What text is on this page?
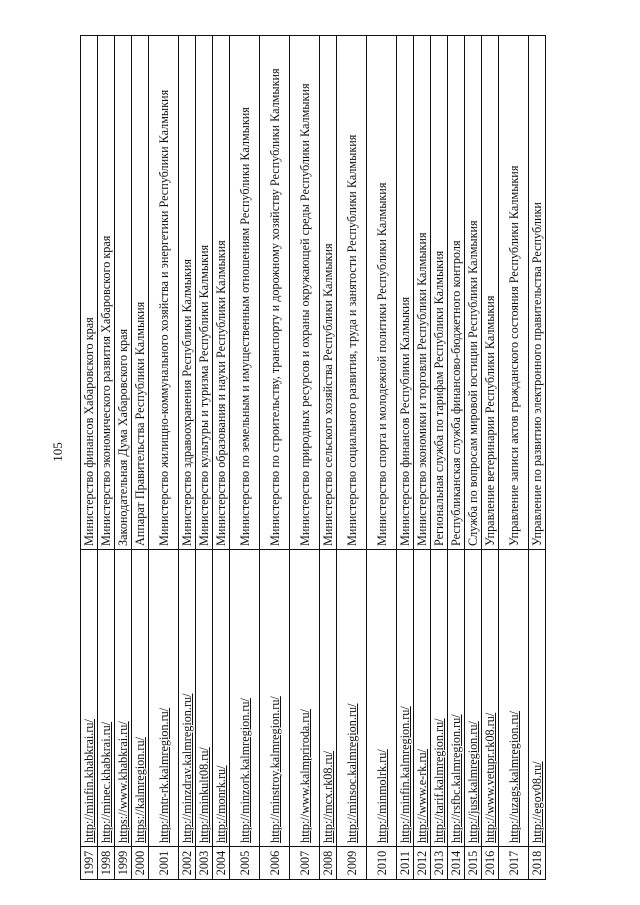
105
1997	http://minfin.khabkrai.ru/	Министерство финансов Хабаровского края
1998	http://minec.khabkrai.ru/	Министерство экономического развития Хабаровского края
1999	https://www.khabkrai.ru/	Законодательная Дума Хабаровского края
2000	https://kalmregion.ru/	Аппарат Правительства Республики Калмыкия
2001	http://mtr-rk.kalmregion.ru/	Министерство жилищно-коммунального хозяйства и энергетики Республики Калмыкия
2002	http://minzdrav.kalmregion.ru/	Министерство здравоохранения Республики Калмыкия
2003	http://minkult08.ru/	Министерство культуры и туризма Республики Калмыкия
2004	http://monrk.ru/	Министерство образования и науки Республики Калмыкия
2005	http://minzork.kalmregion.ru/	Министерство по земельным и имущественным отношениям Республики Калмыкия
2006	http://minstroy.kalmregion.ru/	Министерство по строительству, транспорту и дорожному хозяйству Республики Калмыкия
2007	http://www.kalmpriroda.ru/	Министерство природных ресурсов и охраны окружающей среды Республики Калмыкия
2008	http://mcx.rk08.ru/	Министерство сельского хозяйства Республики Калмыкия
2009	http://minsoc.kalmregion.ru/	Министерство социального развития, труда и занятости Республики Калмыкия
2010	http://minmolrk.ru/	Министерство спорта и молодежной политики Республики Калмыкия
2011	http://minfin.kalmregion.ru/	Министерство финансов Республики Калмыкия
2012	http://www.e-rk.ru/	Министерство экономики и торговли Республики Калмыкия
2013	http://tarif.kalmregion.ru/	Региональная служба по тарифам Республики Калмыкия
2014	http://rsfbc.kalmregion.ru/	Республиканская служба финансово-бюджетного контроля
2015	http://just.kalmregion.ru/	Служба по вопросам мировой юстиции Республики Калмыкия
2016	http://www.vetupr.rk08.ru/	Управление ветеринарии Республики Калмыкия
2017	http://uzags.kalmregion.ru/	Управление записи актов гражданского состояния Республики Калмыкия
2018	http://egov08.ru/	Управление по развитию электронного правительства Республики
